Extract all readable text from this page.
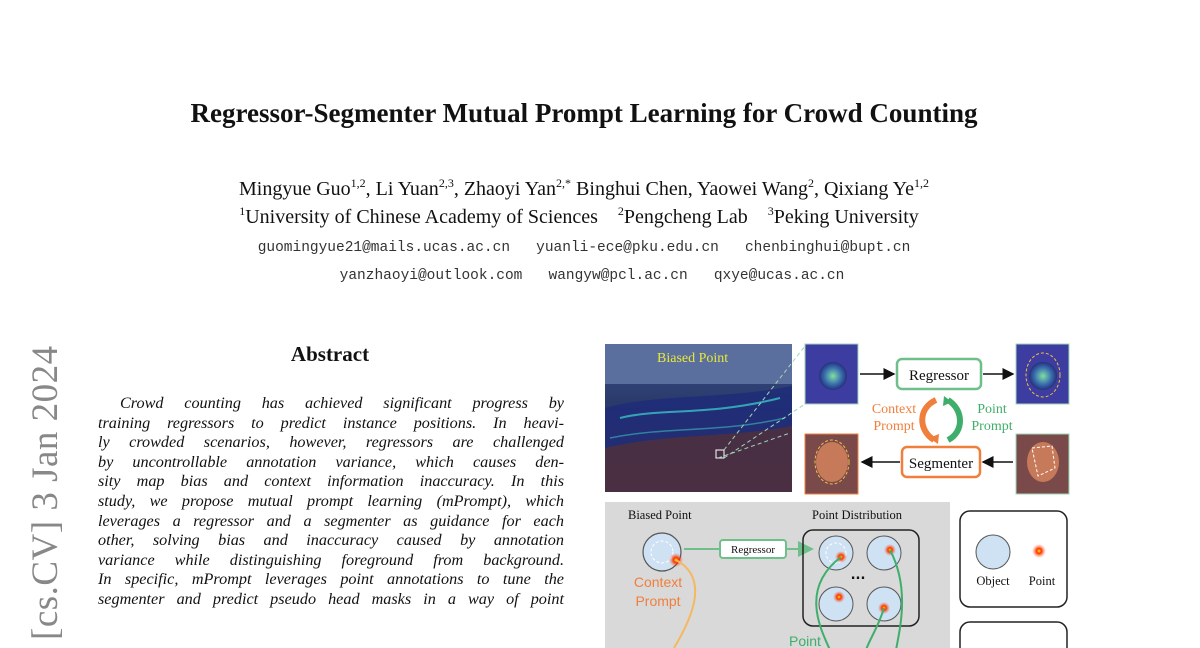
Regressor-Segmenter Mutual Prompt Learning for Crowd Counting
Mingyue Guo$^{1,2}$, Li Yuan$^{2,3}$, Zhaoyi Yan$^{2,*}$ Binghui Chen, Yaowei Wang$^2$, Qixiang Ye$^{1,2}$
$^1$University of Chinese Academy of Sciences $^2$Pengcheng Lab $^3$Peking University
guomingyue21@mails.ucas.ac.cn   yuanli-ece@pku.edu.cn   chenbinghui@bupt.cn
yanzhaoyi@outlook.com   wangyw@pcl.ac.cn   qxye@ucas.ac.cn
[cs.CV] 3 Jan 2024	Abstract
Crowd counting has achieved significant progress by
training regressors to predict instance positions. In heavi-
ly crowded scenarios, however, regressors are challenged
by uncontrollable annotation variance, which causes den-
sity map bias and context information inaccuracy. In this
study, we propose mutual prompt learning (mPrompt), which
leverages a regressor and a segmenter as guidance for each
other, solving bias and inaccuracy caused by annotation
variance while distinguishing foreground from background.
In specific, mPrompt leverages point annotations to tune the
segmenter and predict pseudo head masks in a way of point
Biased Point
Regressor
Segmenter
Context
Prompt
Point
Prompt
Biased Point	Point Distribution
Regressor
...
Context
Prompt
Point
Object Point
